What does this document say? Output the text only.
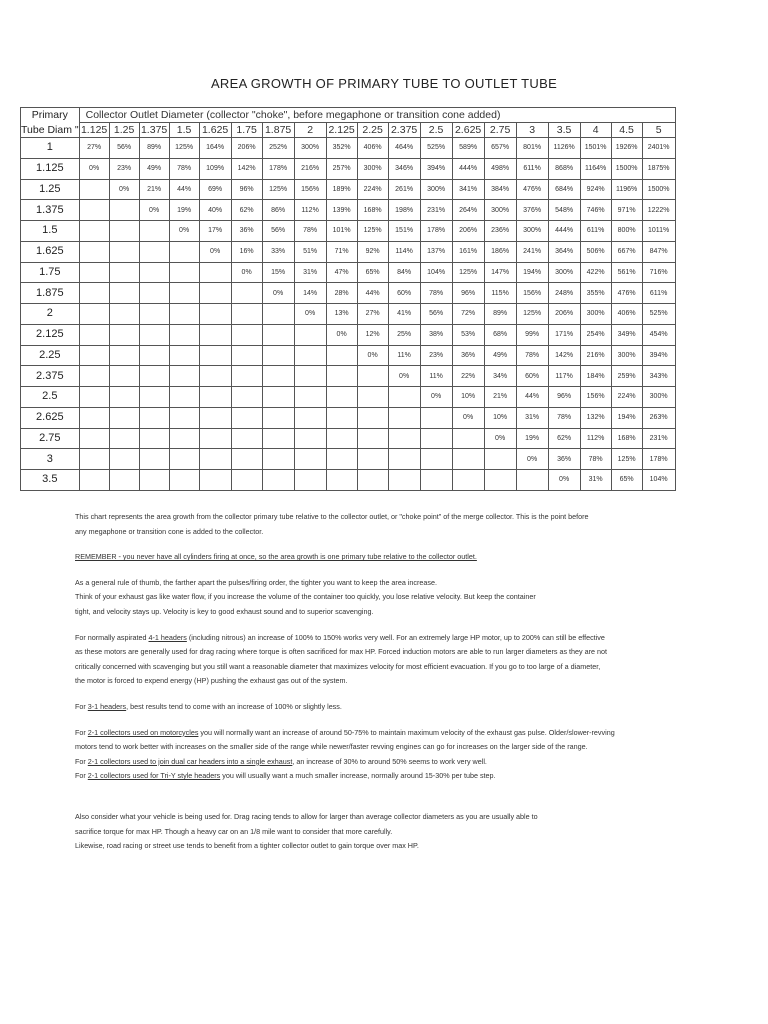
AREA GROWTH OF PRIMARY TUBE TO OUTLET TUBE
Primary	Collector Outlet Diameter (collector "choke", before megaphone or transition cone added)																		
Tube Diam "	1.125	1.25	1.375	1.5	1.625	1.75	1.875	2	2.125	2.25	2.375	2.5	2.625	2.75	3	3.5	4	4.5	5
1	27%	56%	89%	125%	164%	206%	252%	300%	352%	406%	464%	525%	589%	657%	801%	1126%	1501%	1926%	2401%
1.125	0%	23%	49%	78%	109%	142%	178%	216%	257%	300%	346%	394%	444%	498%	611%	868%	1164%	1500%	1875%
1.25		0%	21%	44%	69%	96%	125%	156%	189%	224%	261%	300%	341%	384%	476%	684%	924%	1196%	1500%
1.375			0%	19%	40%	62%	86%	112%	139%	168%	198%	231%	264%	300%	376%	548%	746%	971%	1222%
1.5				0%	17%	36%	56%	78%	101%	125%	151%	178%	206%	236%	300%	444%	611%	800%	1011%
1.625					0%	16%	33%	51%	71%	92%	114%	137%	161%	186%	241%	364%	506%	667%	847%
1.75						0%	15%	31%	47%	65%	84%	104%	125%	147%	194%	300%	422%	561%	716%
1.875							0%	14%	28%	44%	60%	78%	96%	115%	156%	248%	355%	476%	611%
2								0%	13%	27%	41%	56%	72%	89%	125%	206%	300%	406%	525%
2.125									0%	12%	25%	38%	53%	68%	99%	171%	254%	349%	454%
2.25										0%	11%	23%	36%	49%	78%	142%	216%	300%	394%
2.375											0%	11%	22%	34%	60%	117%	184%	259%	343%
2.5												0%	10%	21%	44%	96%	156%	224%	300%
2.625													0%	10%	31%	78%	132%	194%	263%
2.75														0%	19%	62%	112%	168%	231%
3															0%	36%	78%	125%	178%
3.5																0%	31%	65%	104%

This chart represents the area growth from the collector primary tube relative to the collector outlet, or "choke point" of the merge collector. This is the point before

any megaphone or transition cone is added to the collector.

REMEMBER - you never have all cylinders firing at once, so the area growth is one primary tube relative to the collector outlet.

As a general rule of thumb, the farther apart the pulses/firing order, the tighter you want to keep the area increase.

Think of your exhaust gas like water flow, if you increase the volume of the container too quickly, you lose relative velocity. But keep the container

tight, and velocity stays up. Velocity is key to good exhaust sound and to superior scavenging.

For normally aspirated 4-1 headers (including nitrous) an increase of 100% to 150% works very well. For an extremely large HP motor, up to 200% can still be effective

as these motors are generally used for drag racing where torque is often sacrificed for max HP. Forced induction motors are able to run larger diameters as they are not

critically concerned with scavenging but you still want a reasonable diameter that maximizes velocity for most efficient evacuation. If you go to too large of a diameter,

the motor is forced to expend energy (HP) pushing the exhaust gas out of the system.

For 3-1 headers, best results tend to come with an increase of 100% or slightly less.

For 2-1 collectors used on motorcycles you will normally want an increase of around 50-75% to maintain maximum velocity of the exhaust gas pulse. Older/slower-revving

motors tend to work better with increases on the smaller side of the range while newer/faster revving engines can go for increases on the larger side of the range.

For 2-1 collectors used to join dual car headers into a single exhaust, an increase of 30% to around 50% seems to work very well.

For 2-1 collectors used for Tri-Y style headers you will usually want a much smaller increase, normally around 15-30% per tube step.

Also consider what your vehicle is being used for. Drag racing tends to allow for larger than average collector diameters as you are usually able to

sacrifice torque for max HP. Though a heavy car on an 1/8 mile want to consider that more carefully.

Likewise, road racing or street use tends to benefit from a tighter collector outlet to gain torque over max HP.
